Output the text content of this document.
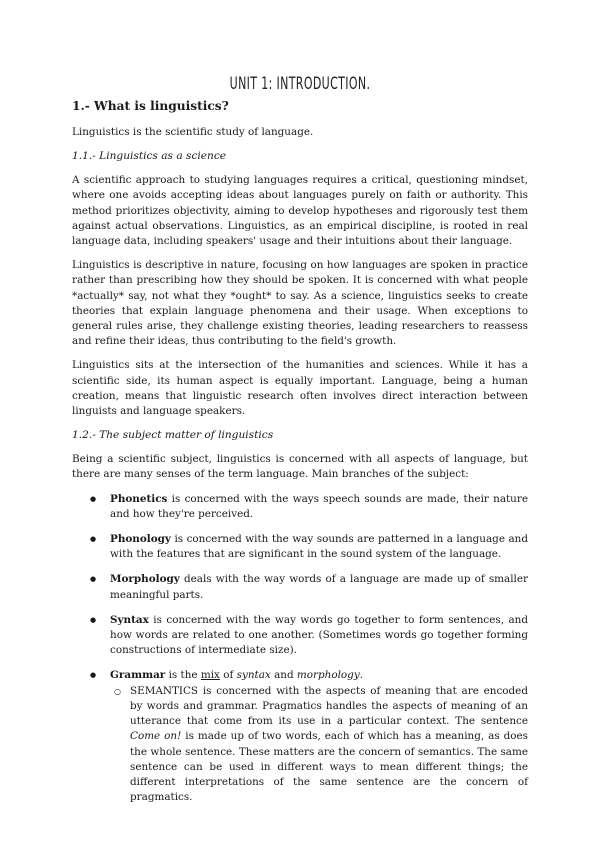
UNIT 1: INTRODUCTION.
1.- What is linguistics?
Linguistics is the scientific study of language.
1.1.- Linguistics as a science
A scientific approach to studying languages requires a critical, questioning mindset, where one avoids accepting ideas about languages purely on faith or authority. This method prioritizes objectivity, aiming to develop hypotheses and rigorously test them against actual observations. Linguistics, as an empirical discipline, is rooted in real language data, including speakers' usage and their intuitions about their language.
Linguistics is descriptive in nature, focusing on how languages are spoken in practice rather than prescribing how they should be spoken. It is concerned with what people *actually* say, not what they *ought* to say. As a science, linguistics seeks to create theories that explain language phenomena and their usage. When exceptions to general rules arise, they challenge existing theories, leading researchers to reassess and refine their ideas, thus contributing to the field's growth.
Linguistics sits at the intersection of the humanities and sciences. While it has a scientific side, its human aspect is equally important. Language, being a human creation, means that linguistic research often involves direct interaction between linguists and language speakers.
1.2.- The subject matter of linguistics
Being a scientific subject, linguistics is concerned with all aspects of language, but there are many senses of the term language. Main branches of the subject:
● Phonetics is concerned with the ways speech sounds are made, their nature and how they're perceived.
● Phonology is concerned with the way sounds are patterned in a language and with the features that are significant in the sound system of the language.
● Morphology deals with the way words of a language are made up of smaller meaningful parts.
● Syntax is concerned with the way words go together to form sentences, and how words are related to one another. (Sometimes words go together forming constructions of intermediate size).
● Grammar is the mix of syntax and morphology.
○ SEMANTICS is concerned with the aspects of meaning that are encoded by words and grammar. Pragmatics handles the aspects of meaning of an utterance that come from its use in a particular context. The sentence Come on! is made up of two words, each of which has a meaning, as does the whole sentence. These matters are the concern of semantics. The same sentence can be used in different ways to mean different things; the different interpretations of the same sentence are the concern of pragmatics.
